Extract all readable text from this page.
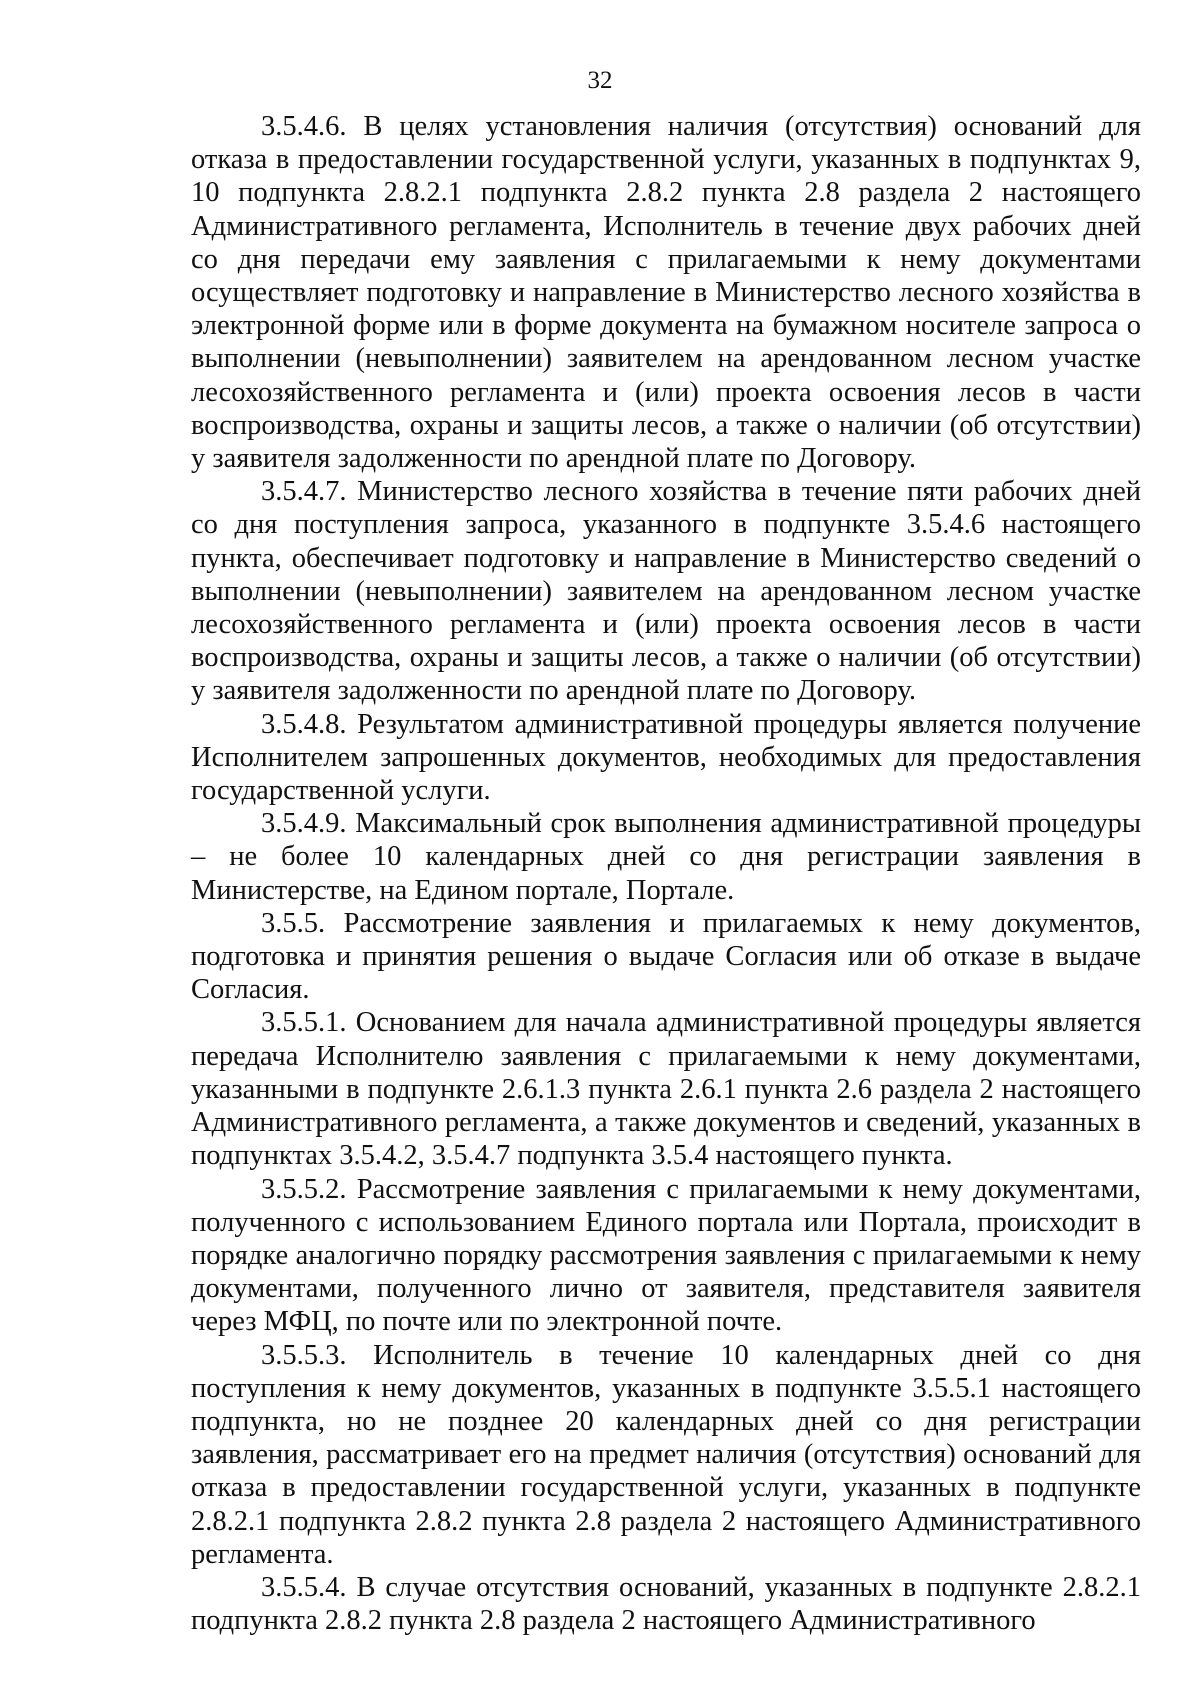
32

3.5.4.6. В целях установления наличия (отсутствия) оснований для отказа в предоставлении государственной услуги, указанных в подпунктах 9, 10 подпункта 2.8.2.1 подпункта 2.8.2 пункта 2.8 раздела 2 настоящего Административного регламента, Исполнитель в течение двух рабочих дней со дня передачи ему заявления с прилагаемыми к нему документами осуществляет подготовку и направление в Министерство лесного хозяйства в электронной форме или в форме документа на бумажном носителе запроса о выполнении (невыполнении) заявителем на арендованном лесном участке лесохозяйственного регламента и (или) проекта освоения лесов в части воспроизводства, охраны и защиты лесов, а также о наличии (об отсутствии) у заявителя задолженности по арендной плате по Договору.

3.5.4.7. Министерство лесного хозяйства в течение пяти рабочих дней со дня поступления запроса, указанного в подпункте 3.5.4.6 настоящего пункта, обеспечивает подготовку и направление в Министерство сведений о выполнении (невыполнении) заявителем на арендованном лесном участке лесохозяйственного регламента и (или) проекта освоения лесов в части воспроизводства, охраны и защиты лесов, а также о наличии (об отсутствии) у заявителя задолженности по арендной плате по Договору.

3.5.4.8. Результатом административной процедуры является получение Исполнителем запрошенных документов, необходимых для предоставления государственной услуги.

3.5.4.9. Максимальный срок выполнения административной процедуры – не более 10 календарных дней со дня регистрации заявления в Министерстве, на Едином портале, Портале.

3.5.5. Рассмотрение заявления и прилагаемых к нему документов, подготовка и принятия решения о выдаче Согласия или об отказе в выдаче Согласия.

3.5.5.1. Основанием для начала административной процедуры является передача Исполнителю заявления с прилагаемыми к нему документами, указанными в подпункте 2.6.1.3 пункта 2.6.1 пункта 2.6 раздела 2 настоящего Административного регламента, а также документов и сведений, указанных в подпунктах 3.5.4.2, 3.5.4.7 подпункта 3.5.4 настоящего пункта.

3.5.5.2. Рассмотрение заявления с прилагаемыми к нему документами, полученного с использованием Единого портала или Портала, происходит в порядке аналогично порядку рассмотрения заявления с прилагаемыми к нему документами, полученного лично от заявителя, представителя заявителя через МФЦ, по почте или по электронной почте.

3.5.5.3. Исполнитель в течение 10 календарных дней со дня поступления к нему документов, указанных в подпункте 3.5.5.1 настоящего подпункта, но не позднее 20 календарных дней со дня регистрации заявления, рассматривает его на предмет наличия (отсутствия) оснований для отказа в предоставлении государственной услуги, указанных в подпункте 2.8.2.1 подпункта 2.8.2 пункта 2.8 раздела 2 настоящего Административного регламента.

3.5.5.4. В случае отсутствия оснований, указанных в подпункте 2.8.2.1 подпункта 2.8.2 пункта 2.8 раздела 2 настоящего Административного
